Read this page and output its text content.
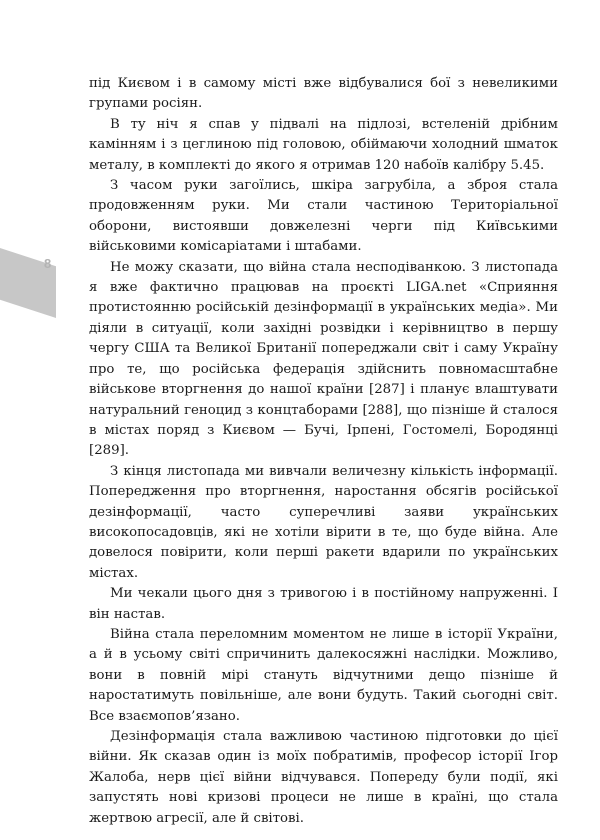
8

під Києвом і в самому місті вже відбувалися бої з невеликими групами росіян.

В ту ніч я спав у підвалі на підлозі, встеленій дрібним камінням і з цеглиною під головою, обіймаючи холодний шматок металу, в комплекті до якого я отримав 120 набоїв калібру 5.45.

З часом руки загоїлись, шкіра загрубіла, а зброя стала продовженням руки. Ми стали частиною Територіальної оборони, вистоявши довжелезні черги під Київськими військовими комісаріатами і штабами.

Не можу сказати, що війна стала несподіванкою. З листопада я вже фактично працював на проєкті LIGA.net «Сприяння протистоянню російській дезінформації в українських медіа». Ми діяли в ситуації, коли західні розвідки і керівництво в першу чергу США та Великої Британії попереджали світ і саму Україну про те, що російська федерація здійснить повномасштабне військове вторгнення до нашої країни [287] і планує влаштувати натуральний геноцид з концтаборами [288], що пізніше й сталося в містах поряд з Києвом — Бучі, Ірпені, Гостомелі, Бородянці [289].

З кінця листопада ми вивчали величезну кількість інформації. Попередження про вторгнення, наростання обсягів російської дезінформації, часто суперечливі заяви українських високопосадовців, які не хотіли вірити в те, що буде війна. Але довелося повірити, коли перші ракети вдарили по українських містах.

Ми чекали цього дня з тривогою і в постійному напруженні. І він настав.

Війна стала переломним моментом не лише в історії України, а й в усьому світі спричинить далекосяжні наслідки. Можливо, вони в повній мірі стануть відчутними дещо пізніше й наростатимуть повільніше, але вони будуть. Такий сьогодні світ. Все взаємопов’язано.

Дезінформація стала важливою частиною підготовки до цієї війни. Як сказав один із моїх побратимів, професор історії Ігор Жалоба, нерв цієї війни відчувався. Попереду були події, які запустять нові кризові процеси не лише в країні, що стала жертвою агресії, але й світові.
